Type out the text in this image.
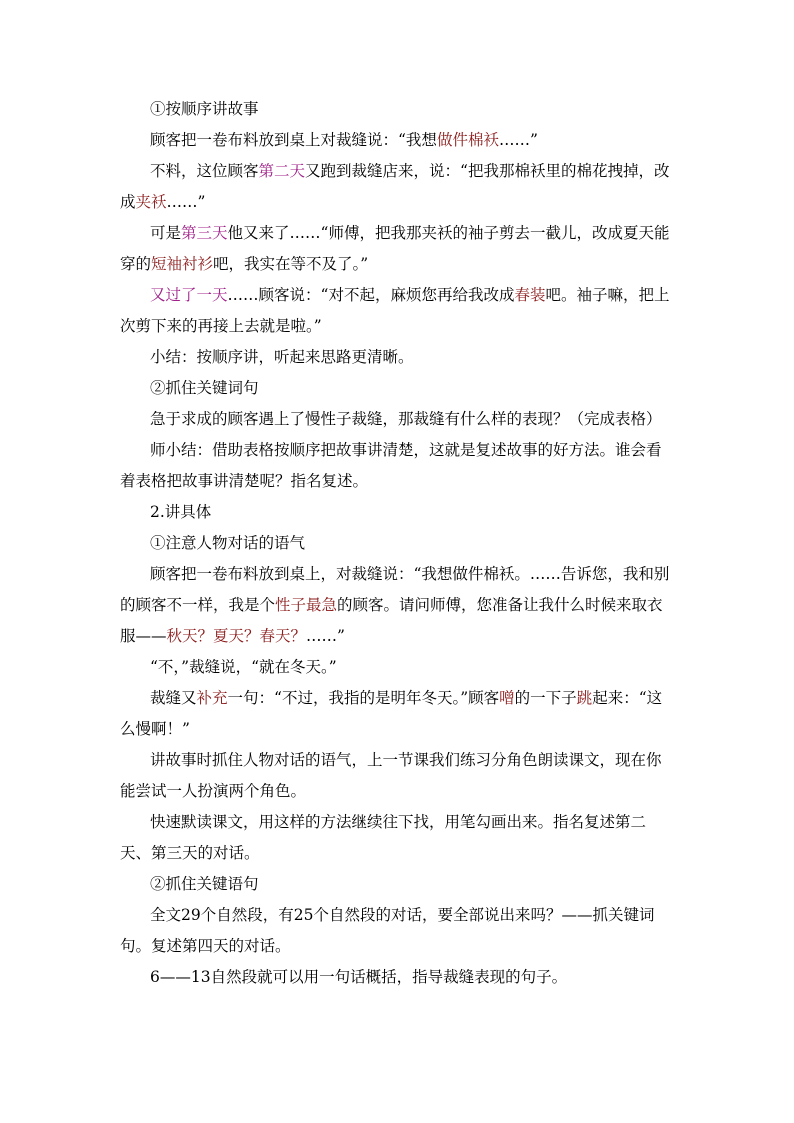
①按顺序讲故事

顾客把一卷布料放到桌上对裁缝说：“我想做件棉袄……”

不料，这位顾客第二天又跑到裁缝店来，说：“把我那棉袄里的棉花拽掉，改成夹袄……”

可是第三天他又来了……“师傅，把我那夹袄的袖子剪去一截儿，改成夏天能穿的短袖衬衫吧，我实在等不及了。”

又过了一天……顾客说：“对不起，麻烦您再给我改成春装吧。袖子嘛，把上次剪下来的再接上去就是啦。”

小结：按顺序讲，听起来思路更清晰。

②抓住关键词句

急于求成的顾客遇上了慢性子裁缝，那裁缝有什么样的表现？（完成表格）

师小结：借助表格按顺序把故事讲清楚，这就是复述故事的好方法。谁会看着表格把故事讲清楚呢？指名复述。

2.讲具体

①注意人物对话的语气

顾客把一卷布料放到桌上，对裁缝说：“我想做件棉袄。……告诉您，我和别的顾客不一样，我是个性子最急的顾客。请问师傅，您准备让我什么时候来取衣服——秋天？夏天？春天？……”

“不，”裁缝说，“就在冬天。”

裁缝又补充一句：“不过，我指的是明年冬天。”顾客噌的一下子跳起来：“这么慢啊！”

讲故事时抓住人物对话的语气，上一节课我们练习分角色朗读课文，现在你能尝试一人扮演两个角色。

快速默读课文，用这样的方法继续往下找，用笔勾画出来。指名复述第二天、第三天的对话。

②抓住关键语句

全文29个自然段，有25个自然段的对话，要全部说出来吗？——抓关键词句。复述第四天的对话。

6——13自然段就可以用一句话概括，指导裁缝表现的句子。
